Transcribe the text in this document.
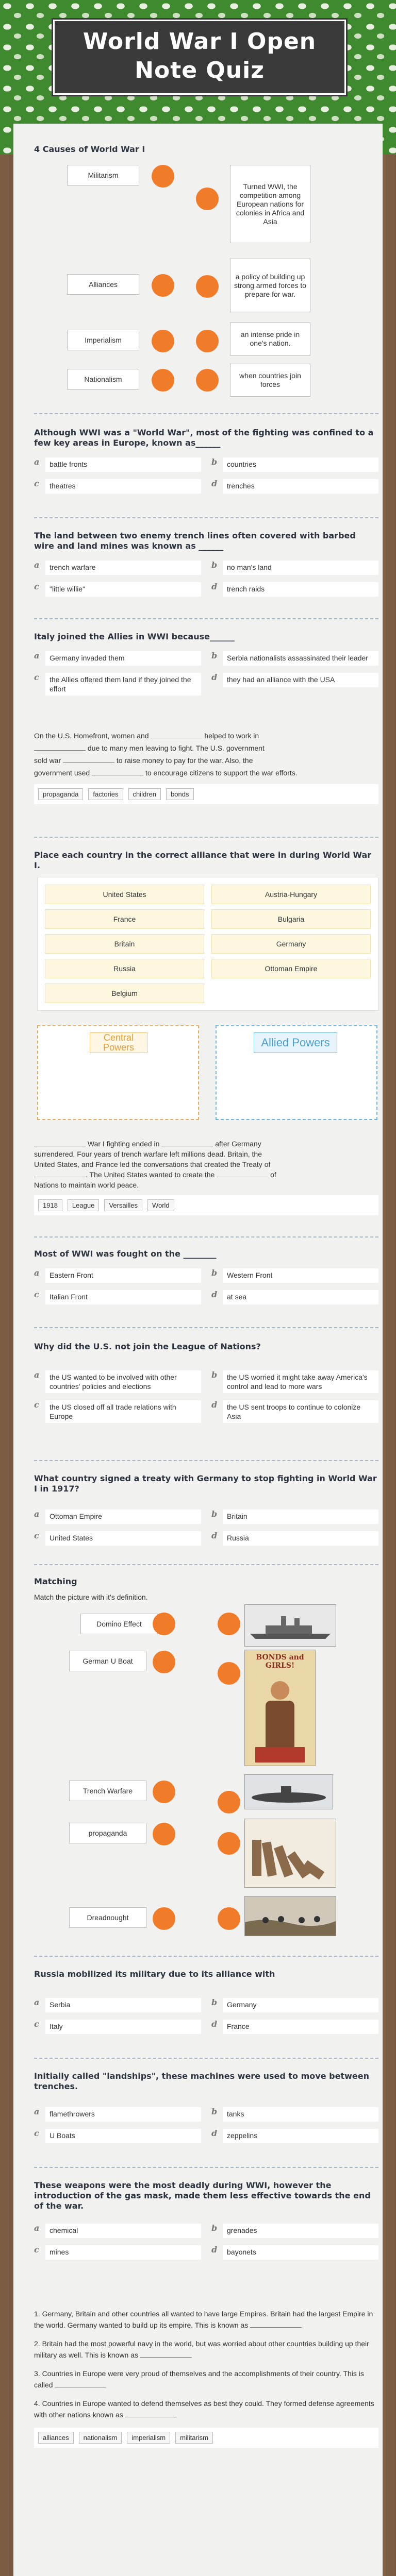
World War I Open Note Quiz
4 Causes of World War I
Militarism
Turned WWI, the competition among European nations for colonies in Africa and Asia
Alliances
a policy of building up strong armed forces to prepare for war.
Imperialism
an intense pride in one's nation.
Nationalism	when countries join forces
Although WWI was a "World War", most of the fighting was confined to a few key areas in Europe, known as______
a	battle fronts	b	countries
c	theatres	d	trenches
The land between two enemy trench lines often covered with barbed wire and land mines was known as ______
a	trench warfare	b	no man's land
c	"little willie"	d	trench raids
Italy joined the Allies in WWI because______
a	Germany invaded them	b	Serbia nationalists assassinated their leader
c	the Allies offered them land if they joined the effort
d	they had an alliance with the USA
On the U.S. Homefront, women and	helped to work in
due to many men leaving to fight. The U.S. government
sold war	to raise money to pay for the war. Also, the
government used	to encourage citizens to support the war efforts.
propaganda	factories	children	bonds
Place each country in the correct alliance that were in during World War I.
United States	Austria-Hungary
France	Bulgaria
Britain	Germany
Russia	Ottoman Empire
Belgium
Central Powers	Allied Powers
War I fighting ended in	after Germany
surrendered. Four years of trench warfare left millions dead. Britain, the
United States, and France led the conversations that created the Treaty of
. The United States wanted to create the	of
Nations to maintain world peace.
1918	League	Versailles	World
Most of WWI was fought on the ________
a	Eastern Front	b	Western Front
c	Italian Front	d	at sea
Why did the U.S. not join the League of Nations?
a	the US wanted to be involved with other countries' policies and elections
b	the US worried it might take away America's control and lead to more wars
c	the US closed off all trade relations with Europe
d	the US sent troops to continue to colonize Asia
What country signed a treaty with Germany to stop fighting in World War I in 1917?
a	Ottoman Empire	b	Britain
c	United States	d	Russia
Matching
Match the picture with it's definition.
Domino Effect
German U Boat	BONDS and GIRLS!
Trench Warfare
propaganda
Dreadnought
Russia mobilized its military due to its alliance with
a	Serbia	b	Germany
c	Italy	d	France
Initially called "landships", these machines were used to move between trenches.
a	flamethrowers	b	tanks
c	U Boats	d	zeppelins
These weapons were the most deadly during WWI, however the introduction of the gas mask, made them less effective towards the end of the war.
a	chemical	b	grenades
c	mines	d	bayonets

1. Germany, Britain and other countries all wanted to have large Empires. Britain had the largest Empire in the world. Germany wanted to build up its empire. This is known as

2. Britain had the most powerful navy in the world, but was worried about other countries building up their military as well. This is known as

3. Countries in Europe were very proud of themselves and the accomplishments of their country. This is called

4. Countries in Europe wanted to defend themselves as best they could. They formed defense agreements with other nations known as

alliances	nationalism	imperialism	militarism
